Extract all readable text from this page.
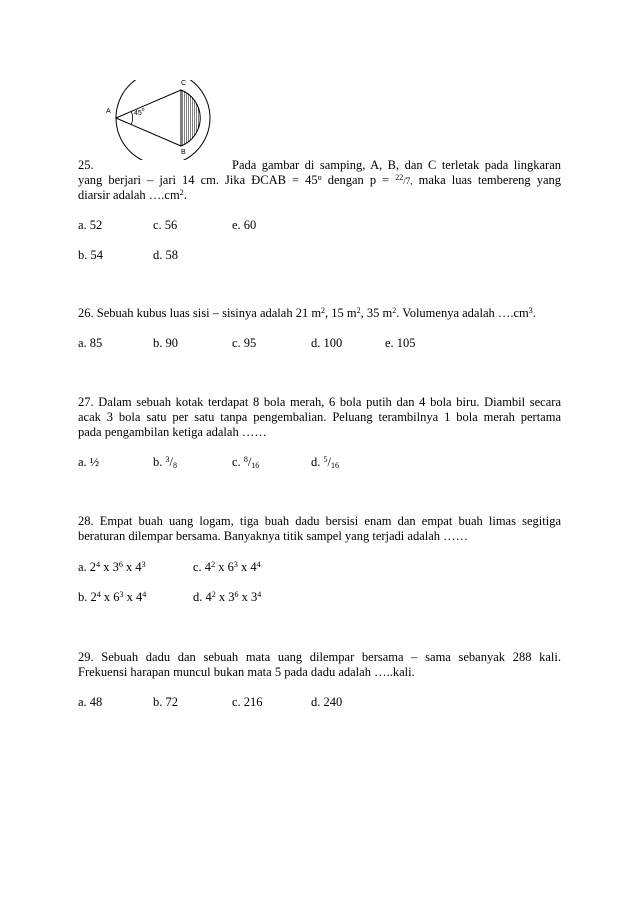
A
C
B
45$^o$
25.	Pada gambar di samping, A, B, dan C terletak pada lingkaran
yang berjari – jari 14 cm. Jika ÐCAB = $45^o$ dengan p = $^{22}$/7, maka luas tembereng yang
diarsir adalah $\dots.cm^2$.
a. 52	c. 56	e. 60
b. 54	d. 58
26. Sebuah kubus luas sisi – sisinya adalah 21 $m^2$, 15 $m^2$, 35 $m^2$. Volumenya adalah $\dots.cm^3$.
a. 85	b. 90	c. 95	d. 100	e. 105
27. Dalam sebuah kotak terdapat 8 bola merah, 6 bola putih dan 4 bola biru. Diambil secara
acak 3 bola satu per satu tanpa pengembalian. Peluang terambilnya 1 bola merah pertama
pada pengambilan ketiga adalah ……
a. ½	b. $^3/_8$	c. $^8/_{16}$	d. $^5/_{16}$
28. Empat buah uang logam, tiga buah dadu bersisi enam dan empat buah limas segitiga
beraturan dilempar bersama. Banyaknya titik sampel yang terjadi adalah ……
a. $2^4$ x $3^6$ x $4^3$	c. $4^2$ x $6^3$ x $4^4$
b. $2^4$ x $6^3$ x $4^4$	d. $4^2$ x $3^6$ x $3^4$
29. Sebuah dadu dan sebuah mata uang dilempar bersama – sama sebanyak 288 kali.
Frekuensi harapan muncul bukan mata 5 pada dadu adalah …..kali.
a. 48	b. 72	c. 216	d. 240
